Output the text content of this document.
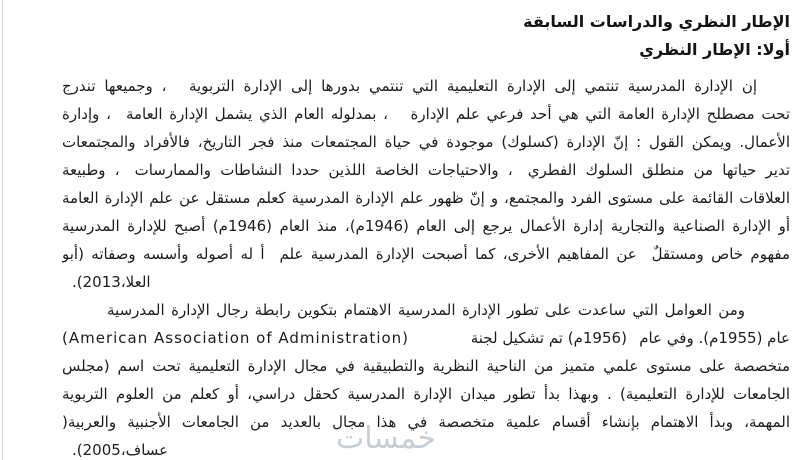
الإطار النظري والدراسات السابقة
أولا: الإطار النظري
إن الإدارة المدرسية تنتمي إلى الإدارة التعليمية التي تنتمي بدورها إلى الإدارة التربوية  ، وجميعها تندرج
تحت مصطلح الإدارة العامة التي هي أحد فرعي علم الإدارة  ، بمدلوله العام الذي يشمل الإدارة العامة  ، وإدارة
الأعمال. ويمكن القول : إنّ الإدارة (كسلوك) موجودة في حياة المجتمعات منذ فجر التاريخ، فالأفراد والمجتمعات
تدير حياتها من منطلق السلوك الفطري ، والاحتياجات الخاصة اللذين حددا النشاطات والممارسات ، وطبيعة
العلاقات القائمة على مستوى الفرد والمجتمع، و إنّ ظهور علم الإدارة المدرسية كعلم مستقل عن علم الإدارة العامة
أو الإدارة الصناعية والتجارية إدارة الأعمال يرجع إلى العام (1946م)، منذ العام (1946م) أصبح للإدارة المدرسية
مفهوم خاص ومستقلٌ  عن المفاهيم الأخرى، كما أصبحت الإدارة المدرسية علم  أ له أصوله وأسسه وصفاته (أبو
العلا،2013).
ومن العوامل التي ساعدت على تطور الإدارة المدرسية الاهتمام بتكوين رابطة رجال الإدارة المدرسية
(American Association of Administration)	عام (1955م). وفي عام  (1956م) تم تشكيل لجنة
متخصصة على مستوى علمي متميز من الناحية النظرية والتطبيقية في مجال الإدارة التعليمية تحت اسم (مجلس
الجامعات للإدارة التعليمية) . وبهذا بدأ تطور ميدان الإدارة المدرسية كحقل دراسي، أو كعلم من العلوم التربوية
المهمة، وبدأ الاهتمام بإنشاء أقسام علمية متخصصة في هذا مجال بالعديد من الجامعات الأجنبية والعربية(
عساف،2005).	خمسات
